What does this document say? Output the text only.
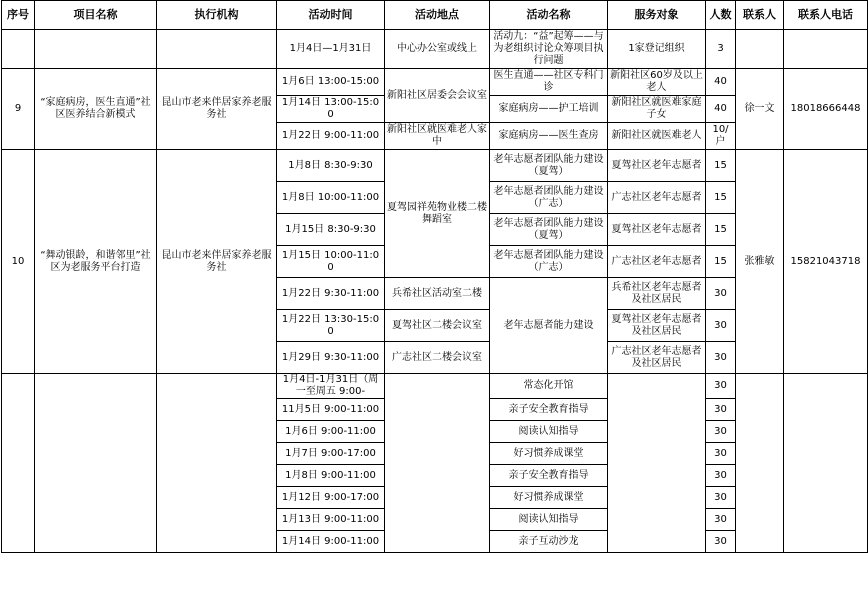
序号	项目名称	执行机构	活动时间	活动地点	活动名称	服务对象	人数	联系人	联系人电话
			1月4日—1月31日	中心办公室或线上	活动九：“益”起筹——与为老组织讨论众筹项目执行问题	1家登记组织	3		
9	“家庭病房，医生直通”社区医养结合新模式	昆山市老来伴居家养老服务社	1月6日 13:00-15:00	新阳社区居委会会议室	医生直通——社区专科门诊	新阳社区60岁及以上老人	40	徐一文	18018666448
			1月14日 13:00-15:00		家庭病房——护工培训	新阳社区就医难家庭子女	40		
			1月22日 9:00-11:00	新阳社区就医难老人家中	家庭病房——医生查房	新阳社区就医难老人	10/户		
10	“舞动银龄，和谐邻里”社区为老服务平台打造	昆山市老来伴居家养老服务社	1月8日 8:30-9:30	夏驾园祥苑物业楼二楼舞蹈室	老年志愿者团队能力建设（夏驾）	夏驾社区老年志愿者	15	张雅敏	15821043718
			1月8日 10:00-11:00		老年志愿者团队能力建设（广志）	广志社区老年志愿者	15		
			1月15日 8:30-9:30		老年志愿者团队能力建设（夏驾）	夏驾社区老年志愿者	15		
			1月15日 10:00-11:00		老年志愿者团队能力建设（广志）	广志社区老年志愿者	15		
			1月22日 9:30-11:00	兵希社区活动室二楼	老年志愿者能力建设	兵希社区老年志愿者及社区居民	30		
			1月22日 13:30-15:00	夏驾社区二楼会议室		夏驾社区老年志愿者及社区居民	30		
			1月29日 9:30-11:00	广志社区二楼会议室		广志社区老年志愿者及社区居民	30		
			1月4日-1月31日（周一至周五 9:00-		常态化开馆		30		
			11月5日 9:00-11:00		亲子安全教育指导		30		
			1月6日 9:00-11:00		阅读认知指导		30		
			1月7日 9:00-17:00		好习惯养成课堂		30		
			1月8日 9:00-11:00		亲子安全教育指导		30		
			1月12日 9:00-17:00		好习惯养成课堂		30		
			1月13日 9:00-11:00		阅读认知指导		30		
			1月14日 9:00-11:00		亲子互动沙龙		30		
